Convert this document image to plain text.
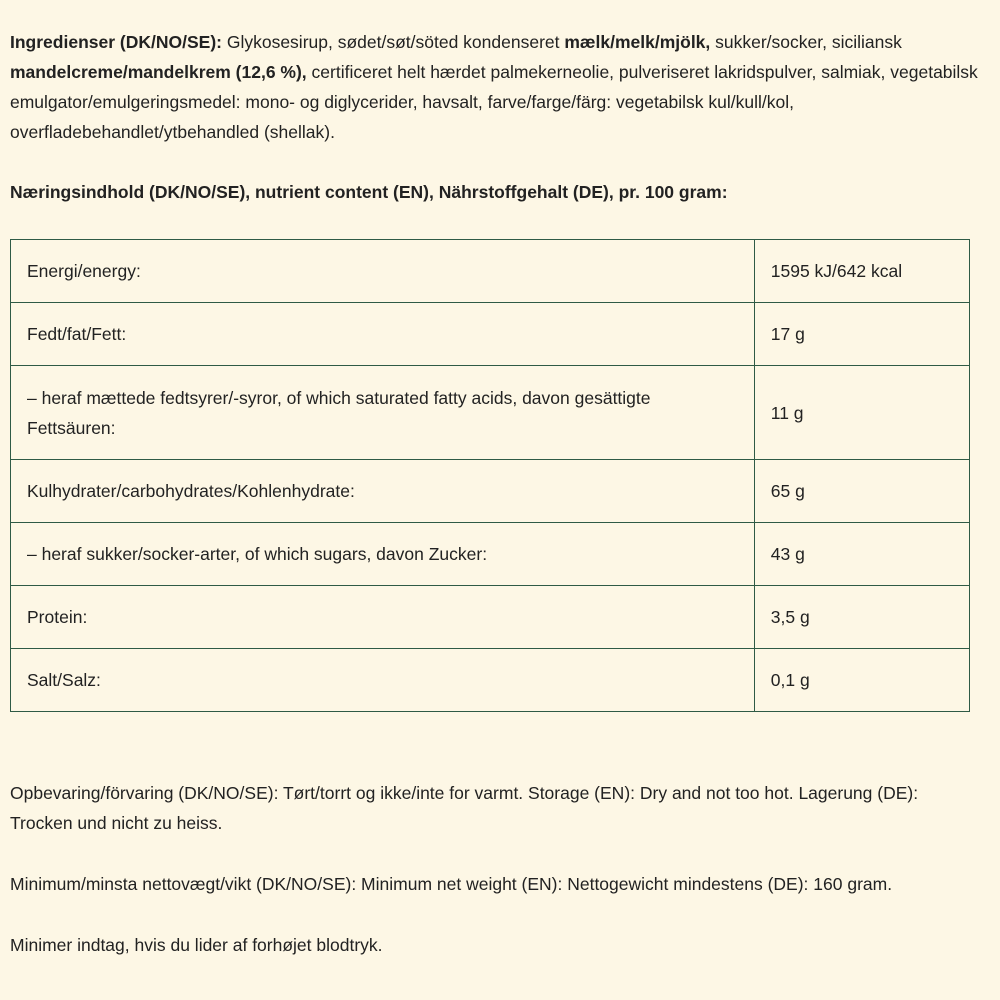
Ingredienser (DK/NO/SE): Glykosesirup, sødet/søt/söted kondenseret mælk/melk/mjölk, sukker/socker, siciliansk mandelcreme/mandelkrem (12,6 %), certificeret helt hærdet palmekerneolie, pulveriseret lakridspulver, salmiak, vegetabilsk emulgator/emulgeringsmedel: mono- og diglycerider, havsalt, farve/farge/färg: vegetabilsk kul/kull/kol, overfladebehandlet/ytbehandled (shellak).

Næringsindhold (DK/NO/SE), nutrient content (EN), Nährstoffgehalt (DE), pr. 100 gram:

Energi/energy:	1595 kJ/642 kcal
Fedt/fat/Fett:	17 g
– heraf mættede fedtsyrer/-syror, of which saturated fatty acids, davon gesättigte Fettsäuren:	11 g
Kulhydrater/carbohydrates/Kohlenhydrate:	65 g
– heraf sukker/socker-arter, of which sugars, davon Zucker:	43 g
Protein:	3,5 g
Salt/Salz:	0,1 g

Opbevaring/förvaring (DK/NO/SE): Tørt/torrt og ikke/inte for varmt. Storage (EN): Dry and not too hot. Lagerung (DE): Trocken und nicht zu heiss.

Minimum/minsta nettovægt/vikt (DK/NO/SE): Minimum net weight (EN): Nettogewicht mindestens (DE): 160 gram.

Minimer indtag, hvis du lider af forhøjet blodtryk.
